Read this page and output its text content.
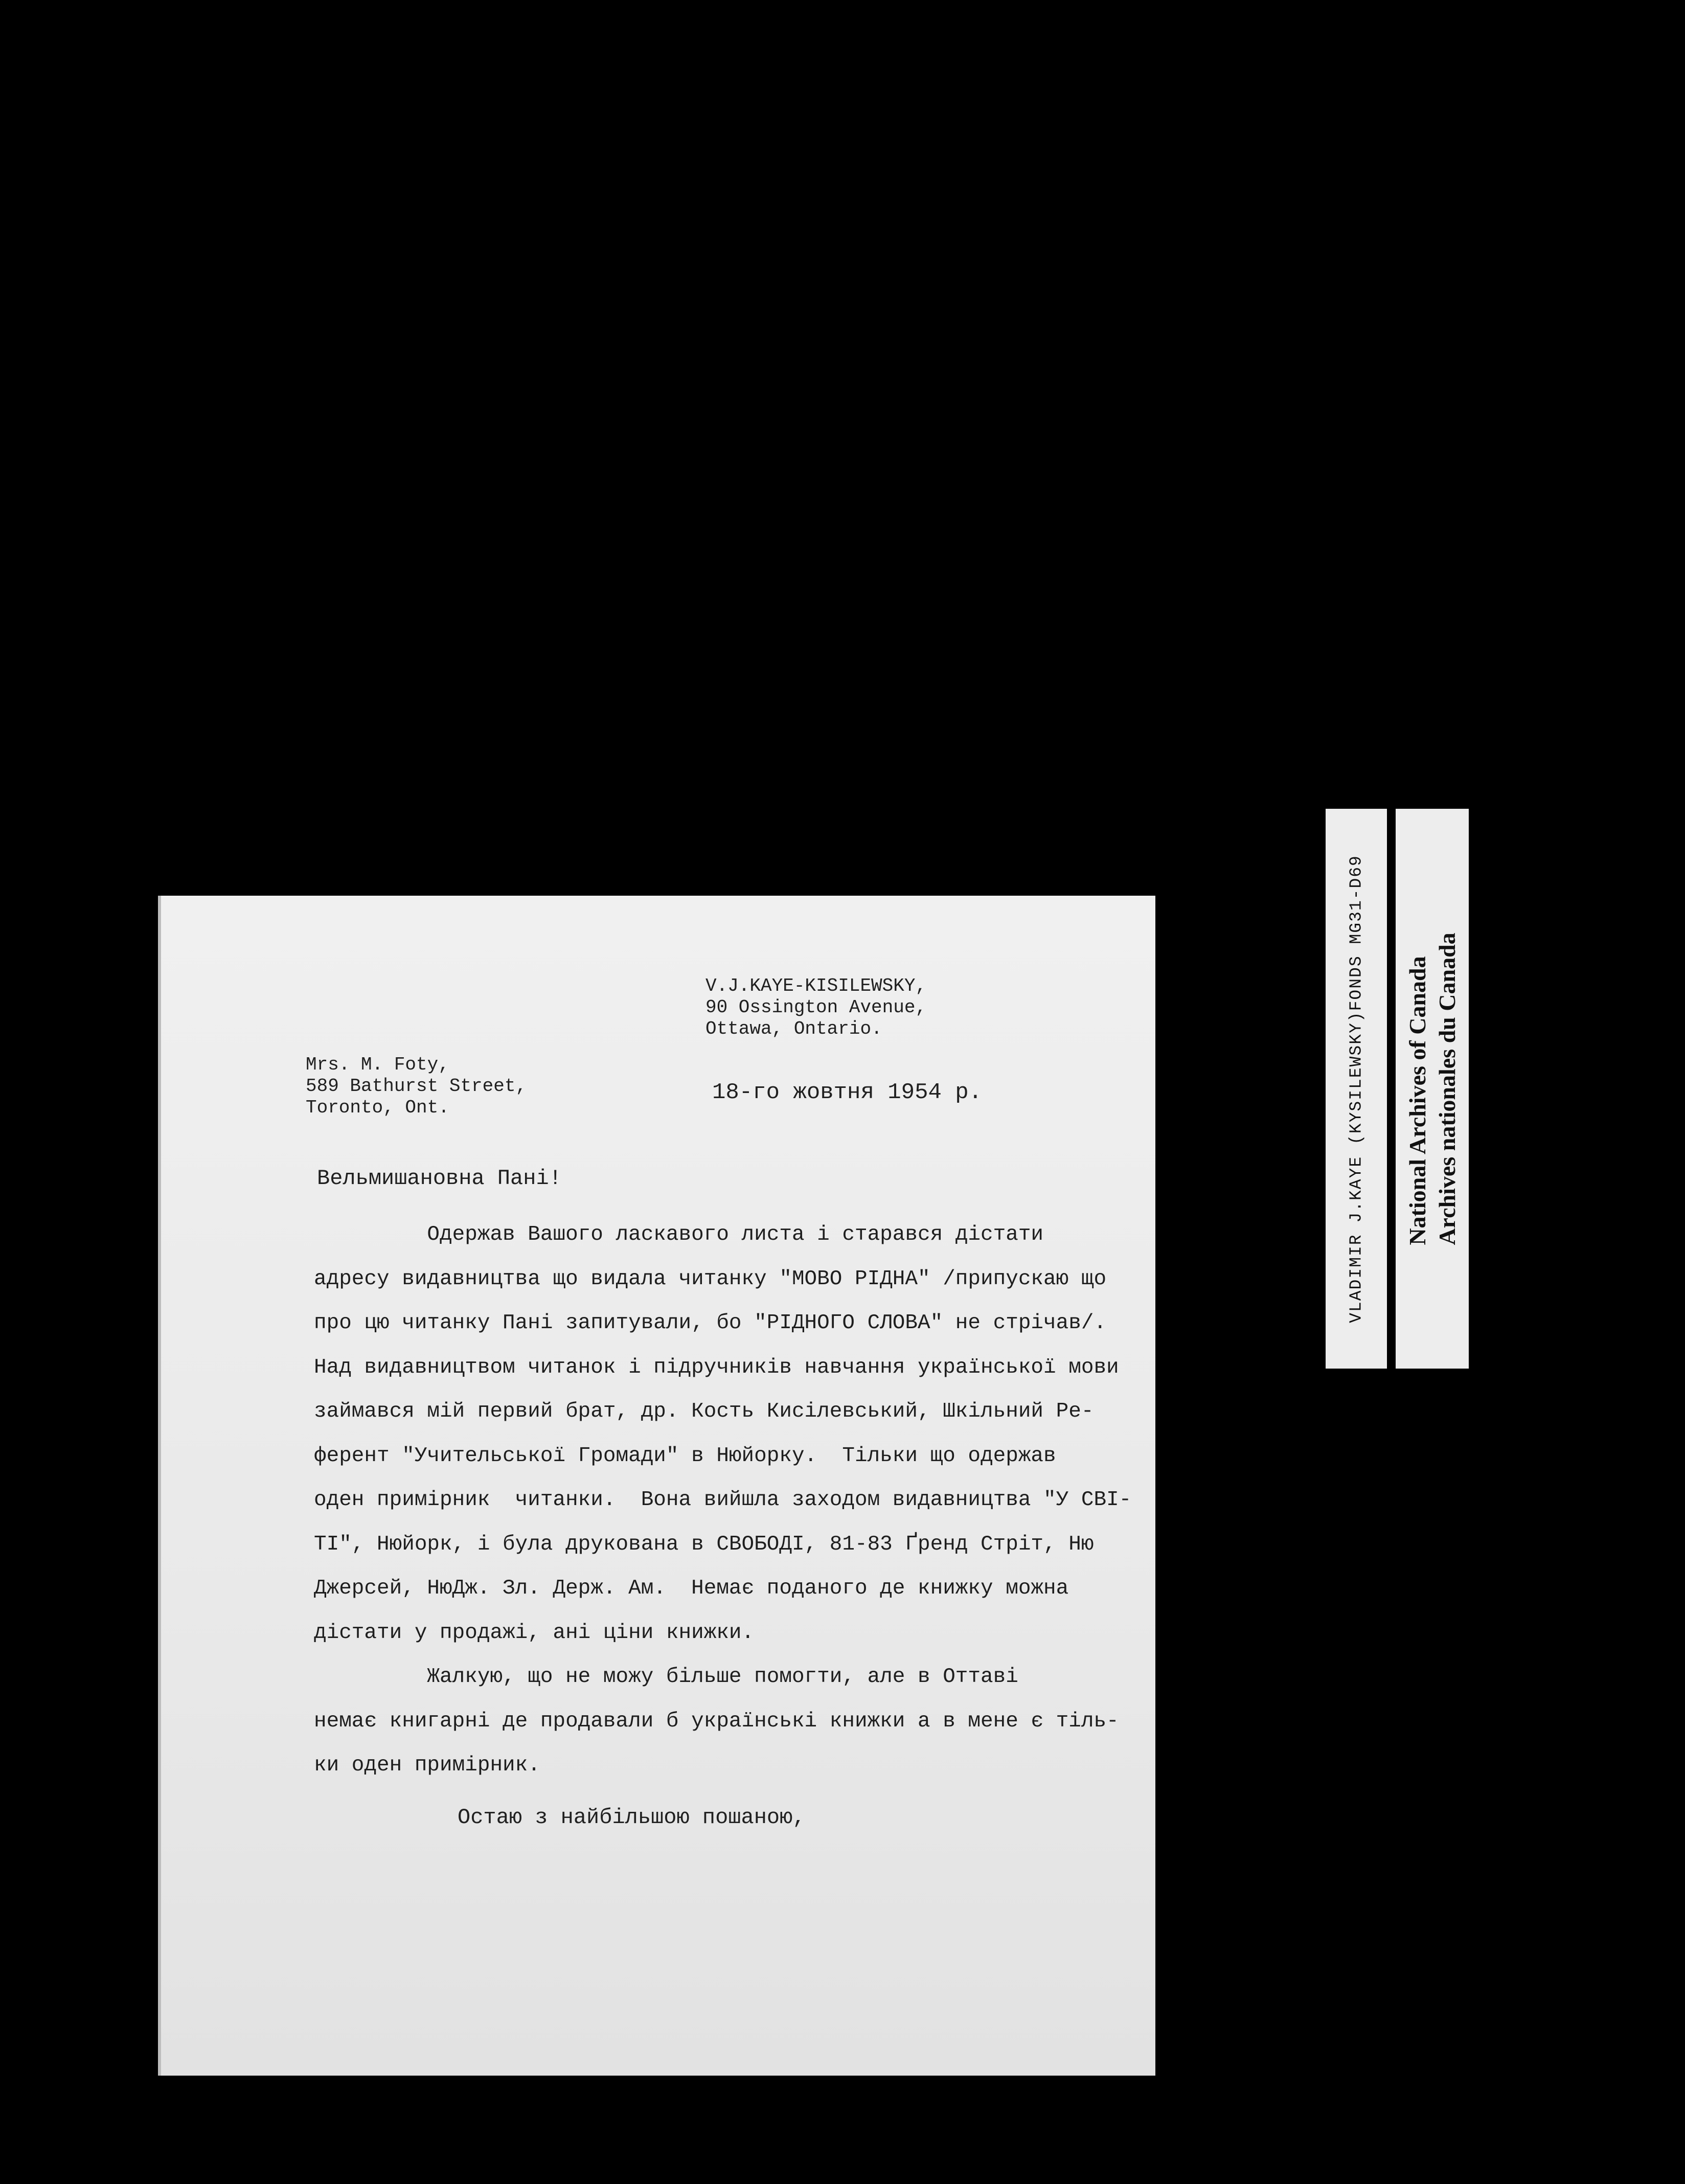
V.J.KAYE-KISILEWSKY,
90 Ossington Avenue,
Ottawa, Ontario.
Mrs. M. Foty,
589 Bathurst Street,
Toronto, Ont.
18-го жовтня 1954 р.
Вельмишановна Пані!
Одержав Вашого ласкавого листа і старався дістати
адресу видавництва що видала читанку "МОВО РІДНА" /припускаю що
про цю читанку Пані запитували, бо "РІДНОГО СЛОВА" не стрічав/.
Над видавництвом читанок і підручників навчання української мови
займався мій первий брат, др. Кость Кисілевський, Шкільний Ре-
ферент "Учительської Громади" в Нюйорку.  Тільки що одержав
оден примірник  читанки.  Вона вийшла заходом видавництва "У СВІ-
ТІ", Нюйорк, і була друкована в СВОБОДІ, 81-83 Ґренд Стріт, Ню
Джерсей, НюДж. Зл. Держ. Ам.  Немає поданого де книжку можна
дістати у продажі, ані ціни книжки.
Жалкую, що не можу більше помогти, але в Оттаві
немає книгарні де продавали б українські книжки а в мене є тіль-
ки оден примірник.
Остаю з найбільшою пошаною,
VLADIMIR J.KAYE (KYSILEWSKY)FONDS MG31-D69 National Archives of Canada Archives nationales du Canada
